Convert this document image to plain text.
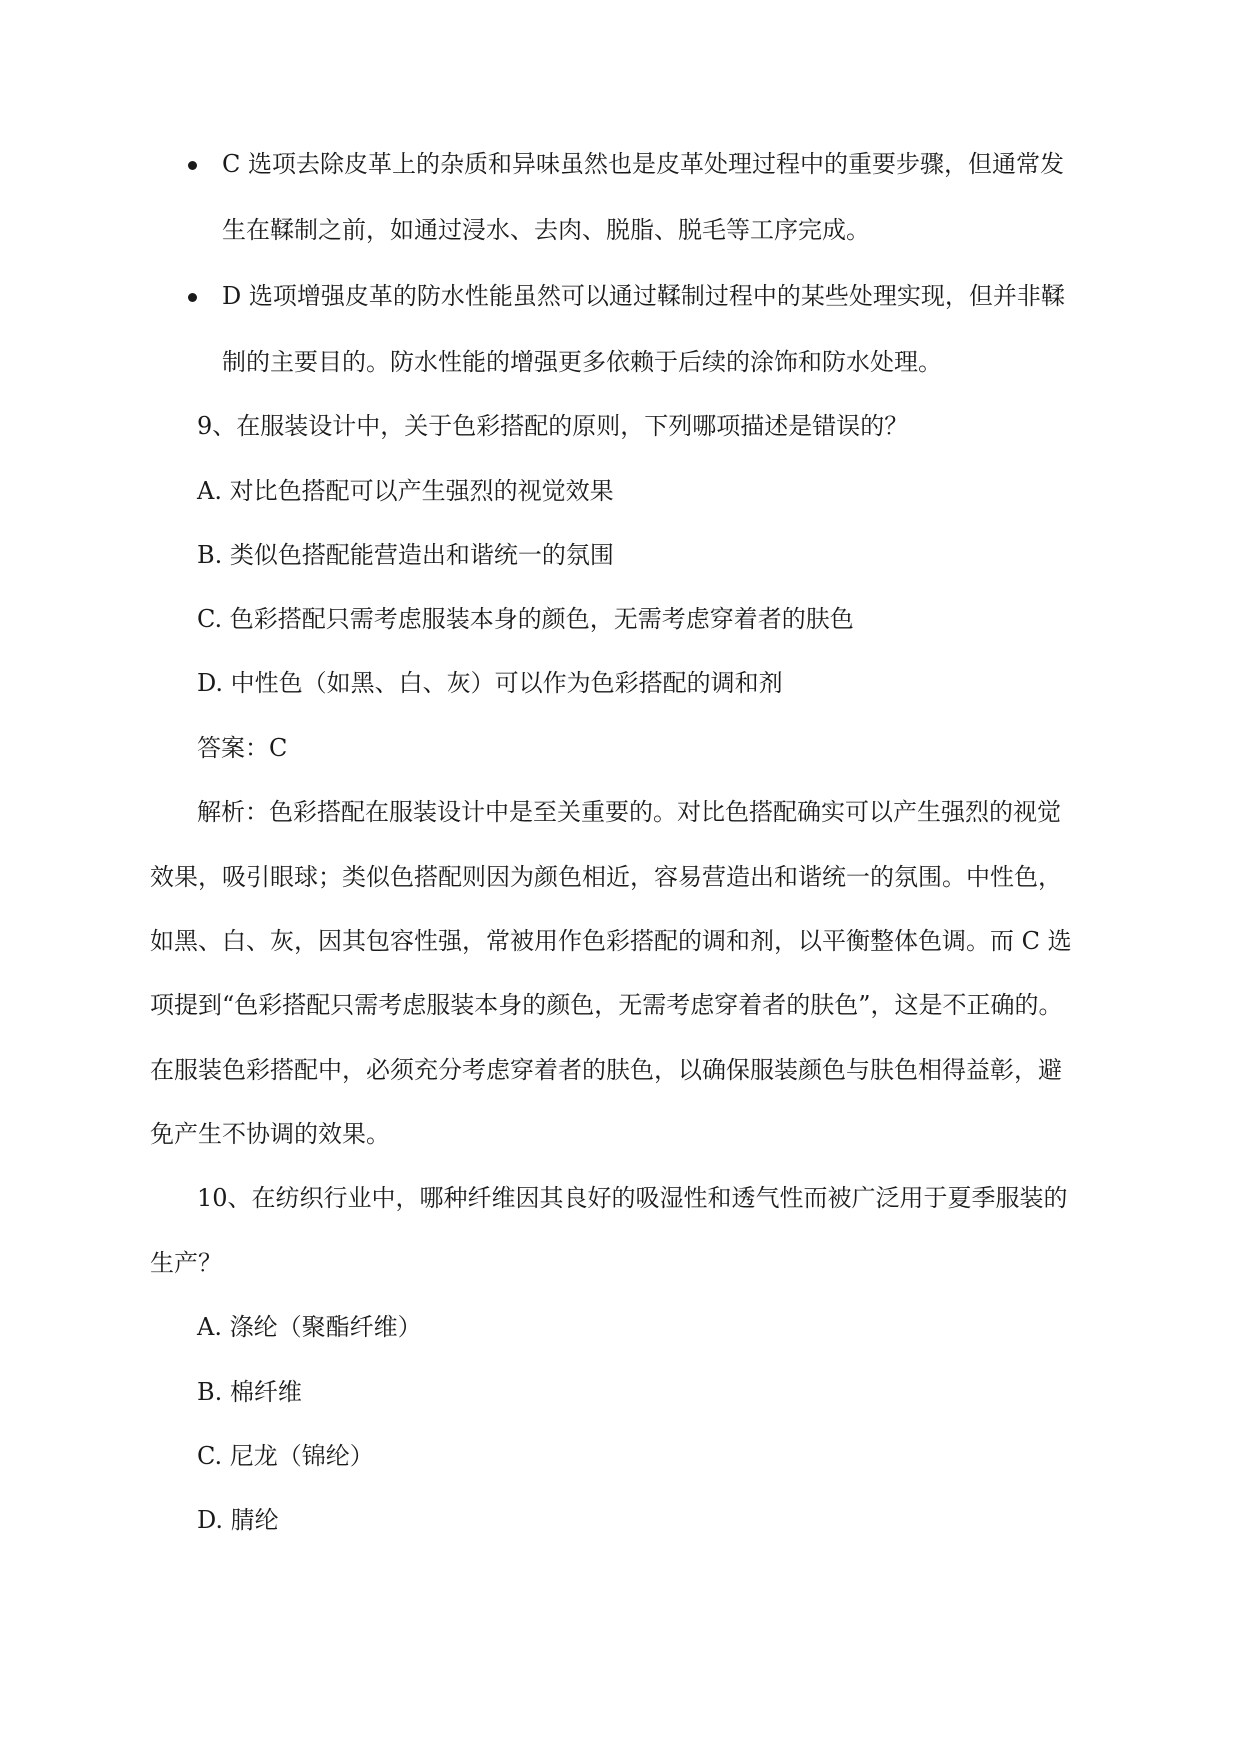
C 选项去除皮革上的杂质和异味虽然也是皮革处理过程中的重要步骤，但通常发
生在鞣制之前，如通过浸水、去肉、脱脂、脱毛等工序完成。
D 选项增强皮革的防水性能虽然可以通过鞣制过程中的某些处理实现，但并非鞣
制的主要目的。防水性能的增强更多依赖于后续的涂饰和防水处理。
9、在服装设计中，关于色彩搭配的原则，下列哪项描述是错误的？
A. 对比色搭配可以产生强烈的视觉效果
B. 类似色搭配能营造出和谐统一的氛围
C. 色彩搭配只需考虑服装本身的颜色，无需考虑穿着者的肤色
D. 中性色（如黑、白、灰）可以作为色彩搭配的调和剂
答案：C
解析：色彩搭配在服装设计中是至关重要的。对比色搭配确实可以产生强烈的视觉
效果，吸引眼球；类似色搭配则因为颜色相近，容易营造出和谐统一的氛围。中性色，
如黑、白、灰，因其包容性强，常被用作色彩搭配的调和剂，以平衡整体色调。而 C 选
项提到“色彩搭配只需考虑服装本身的颜色，无需考虑穿着者的肤色”，这是不正确的。
在服装色彩搭配中，必须充分考虑穿着者的肤色，以确保服装颜色与肤色相得益彰，避
免产生不协调的效果。
10、在纺织行业中，哪种纤维因其良好的吸湿性和透气性而被广泛用于夏季服装的
生产？
A. 涤纶（聚酯纤维）
B. 棉纤维
C. 尼龙（锦纶）
D. 腈纶
